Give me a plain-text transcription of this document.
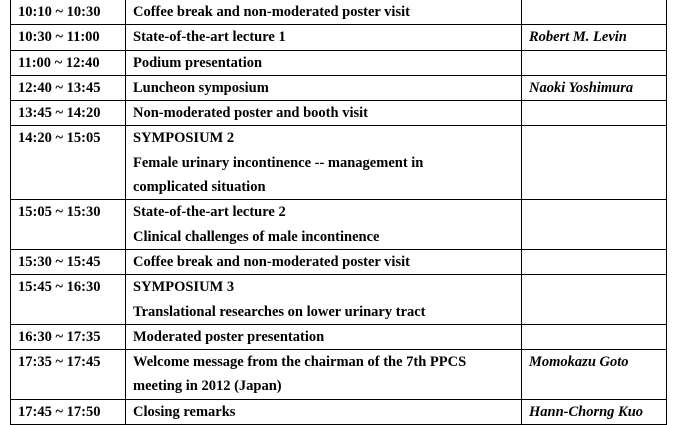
10:10 ~ 10:30	Coffee break and non-moderated poster visit	

10:30 ~ 11:00	State-of-the-art lecture 1	Robert M. Levin
11:00 ~ 12:40	Podium presentation	

12:40 ~ 13:45	Luncheon symposium	Naoki Yoshimura
13:45 ~ 14:20	Non-moderated poster and booth visit	

14:20 ~ 15:05	SYMPOSIUM 2
Female urinary incontinence -- management in
complicated situation	

15:05 ~ 15:30	State-of-the-art lecture 2
Clinical challenges of male incontinence	

15:30 ~ 15:45	Coffee break and non-moderated poster visit	

15:45 ~ 16:30	SYMPOSIUM 3
Translational researches on lower urinary tract	

16:30 ~ 17:35	Moderated poster presentation	

17:35 ~ 17:45	Welcome message from the chairman of the 7th PPCS
meeting in 2012 (Japan)	Momokazu Goto
17:45 ~ 17:50	Closing remarks	Hann-Chorng Kuo
